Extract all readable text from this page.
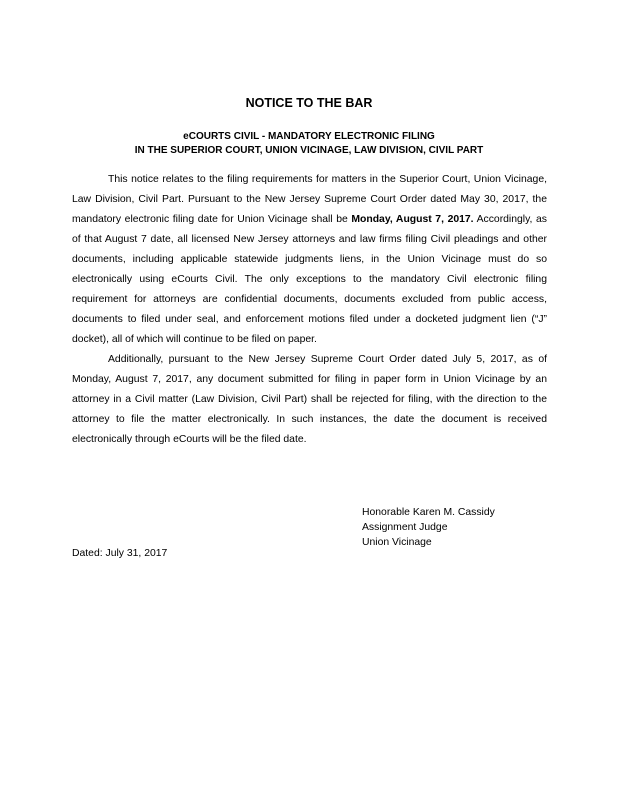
NOTICE TO THE BAR
eCOURTS CIVIL - MANDATORY ELECTRONIC FILING
IN THE SUPERIOR COURT, UNION VICINAGE, LAW DIVISION, CIVIL PART

This notice relates to the filing requirements for matters in the Superior Court, Union Vicinage, Law Division, Civil Part. Pursuant to the New Jersey Supreme Court Order dated May 30, 2017, the mandatory electronic filing date for Union Vicinage shall be Monday, August 7, 2017. Accordingly, as of that August 7 date, all licensed New Jersey attorneys and law firms filing Civil pleadings and other documents, including applicable statewide judgments liens, in the Union Vicinage must do so electronically using eCourts Civil. The only exceptions to the mandatory Civil electronic filing requirement for attorneys are confidential documents, documents excluded from public access, documents to filed under seal, and enforcement motions filed under a docketed judgment lien (“J” docket), all of which will continue to be filed on paper.

Additionally, pursuant to the New Jersey Supreme Court Order dated July 5, 2017, as of Monday, August 7, 2017, any document submitted for filing in paper form in Union Vicinage by an attorney in a Civil matter (Law Division, Civil Part) shall be rejected for filing, with the direction to the attorney to file the matter electronically. In such instances, the date the document is received electronically through eCourts will be the filed date.

Honorable Karen M. Cassidy
Assignment Judge
Union Vicinage
Dated: July 31, 2017
